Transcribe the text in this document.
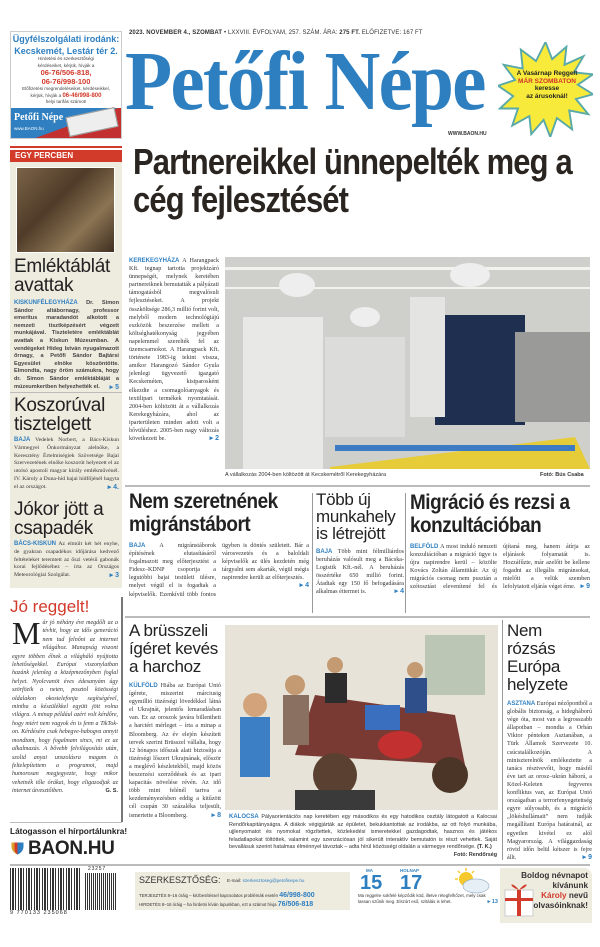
Ügyfélszolgálati irodánk:
Kecskemét, Lestár tér 2.
Hirdetési és szerkesztőségi
kérdéseiket, kérjük, hívják a
06-76/506-818,
06-76/998-100
Előfizetési megrendeléseiket, kérdéseikkel,
kérjük, hívják a 06-46/998-800
helyi tarifás számot!
Petőfi Népe
www.BAON.hu
2023. NOVEMBER 4., SZOMBAT • LXXVIII. ÉVFOLYAM, 257. SZÁM. ÁRA: 275 FT. ELŐFIZETVE: 167 FT
Petőfi Népe
WWW.BAON.HU
A Vasárnap Reggelt
MÁR SZOMBATON
keresse
az árusoknál!
EGY PERCBEN
Emléktáblát avattak
KISKUNFÉLEGYHÁZA Dr. Simon Sándor altábornagy, professor emeritus maradandót alkotott a nemzeti tisztképzésért végzett munkájával. Tiszteletére emléktáblát avattak a Kiskun Múzeumban. A vendégeket Hideg István nyugalmazott őrnagy, a Petőfi Sándor Bajtársi Egyesület elnöke köszöntötte. Elmondta, nagy öröm számukra, hogy dr. Simon Sándor emléktábláját a múzeumkertben helyezhették el. ▸ 5
Koszorúval tisztelgett
BAJA Vedelek Norbert, a Bács-Kiskun Vármegyei Önkormányzat alelnöke, a Keresztény Értelmiségiek Szövetsége Bajai Szervezetének elnöke koszorút helyezett el az utolsó apostoli magyar király emlékművénél. IV. Károly a Duna-híd bajai hídfőjénél hagyta el az országot.	▸ 4.
Jókor jött a csapadék
BÁCS-KISKUN Az elmúlt két hét enyhe, de gyakran csapadékos időjárása kedvező feltételeket teremtett az őszi vetésű gabonák korai fejlődéséhez – írta az Országos Meteorológiai Szolgálat.	▸ 3
Jó reggelt!
Már jó néhány éve megdőlt az a tévhit, hogy az idős generáció nem tud felnőni az internet világához. Manapság viszont egyre többen élnek a világháló nyújtotta lehetőségekkel. Európai viszonylatban hazánk jelenleg a középmezőnyben foglal helyet. Nyolcvanöt éves édesanyám úgy szörfözik a neten, posztol közösségi oldalakon okostelefonja segítségével, mintha a készülékkel együtt jött volna világra. A minap például azért volt kérdőre, hogy miért nem vagyok én is fenn a TikTok-on. Kérdésére csak hebegve-habogva annyit mondtam, hogy fogalmam sincs, mi ez az alkalmazás. A bővebb felvilágosítás után, szolid anyai unszolásra magam is feltelepítettem a programot, majd humorosan megjegyezte, hogy mikor vehetnék tőle órákat, hogy eligazodjak az internet útvesztőiben.	G. S.
Látogasson el hírportálunkra!
BAON.HU
Partnereikkel ünnepelték meg a cég fejlesztését
KEREKEGYHÁZA A Harangpack Kft. tegnap tartotta projektzáró ünnepségét, melynek keretében partnereiknek bemutatták a pályázati támogatásból megvalósult fejlesztéseket. A projekt összköltsége 286,3 millió forint volt, melyből modern technológiájú eszközök beszerzése mellett a költséghatékonyság jegyében napelemmel szerelték fel az üzemcsarnokot. A Harangpack Kft. története 1983-ig tekint vissza, amikor Harangozó Sándor Gyula jelenlegi ügyvezető igazgató Kecskeméten, kisiparosként elkezdte a csomagolóanyagok és textilipari termékek nyomtatását. 2004-ben költözött át a vállalkozás Kerekegyházára, ahol az iparterületen minden adott volt a bővüléshez. 2005-ben nagy változás következett be.	▸ 2
A vállalkozás 2004-ben költözött át Kecskemétről Kerekegyházára	Fotó: Bús Csaba
Nem szeretnének migránstábort
BAJA A migránstáborok építésének elutasításáról fogalmazott meg előterjesztést a Fidesz–KDNP csoportja a legutóbbi bajai testületi ülésre, melyet végül el is fogadtak a képviselők. Ezenkívül több fontos ügyben is döntés született. Bár a városvezetés és a baloldali képviselők az ülés kezdetén még tárgyalni sem akarták, végül mégis napirendre került az előterjesztés.
▸ 4
Több új munkahely is létrejött
BAJA Több mint félmilliárdos beruházás valósult meg a Bácska-Logistik Kft.-nél. A beruházás összértéke 650 millió forint. Átadtak egy 150 fő befogadására alkalmas éttermet is.	▸ 4
Migráció és rezsi a konzultációban
BELFÖLD A most induló nemzeti konzultációban a migráció ügye is újra napirendre kerül – közölte Kovács Zoltán államtitkár. Az új migrációs csomag nem pusztán a szétosztást elevenítené fel és újítaná meg, hanem átírja az eljárások folyamatát is. Hozzáfűzte, már azelőtt be kellene fogadni az illegális migránsokat, mielőtt a velük szemben lefolytatott eljárás véget érne. ▸ 9
A brüsszeli ígéret kevés a harchoz
KÜLFÖLD Hiába az Európai Unió ígérete, miszerint márciusig egymillió tüzérségi lövedékkel látná el Ukrajnát, jelentős lemaradásban van. Ez az oroszok javára billentheti a harctéri mérleget – írta a minap a Bloomberg. Az év elején készített tervek szerint Brüsszel vállalta, hogy 12 hónapos időszak alatt biztosítja a tüzérségi lőszert Ukrajnának, először a meglévő készletekből, majd közös beszerzési szerződések és az ipari kapacitás növelése révén. Az idő több mint felénél tartva a kezdeményezésben eddig a kitűzött cél csupán 30 százaléka teljesült, ismertette a Bloomberg.	▸ 8 KALOCSA Pályaorientációs nap keretében egy másodikos és egy hatodikos osztály látogatott a Kalocsai Rendőrkapitányságra. A diákok végigjárták az épületet, bekukkantottak az irodákba, az ott folyó munkába, ujjlenyomatot és nyomokat rögzítettek, közlekedési ismeretekkel gazdagodtak, hasznos és játékos feladatlapokat töltöttek, valamint egy szenzációsan jól sikerült interaktív bemutatón is részt vehettek. Saját bevallásuk szerint hatalmas élménnyel távoztak – adta hírül közösségi oldalán a vármegye rendőrsége. (T. K.)
Fotó: Rendőrség
Nem rózsás Európa helyzete
ASZTANA Európai nézőpontból a globális biztonság, a hidegháború vége óta, most van a legrosszabb állapotban – mondta a Orbán Viktor pénteken Asztanában, a Türk Államok Szervezete 10. csúcstalálkozóján. A miniszterelnök emlékeztette a tanács résztvevőit, hogy másfél éve tart az orosz–ukrán háború, a Közel-Keleten fegyveres konfliktus van, az Európai Unió országaiban a terrorfenyegetettség egyre súlyosabb, és a migráció „lökéshullámait” nem tudják megállítani Európa határainál, az egyetlen kivétel ez alól Magyarország. A világgazdaság rövid időn belül kétszer is fejre állt.	▸ 9
9 770133 235068
23257
SZERKESZTŐSÉG: E-mail: szerkesztoseg@petofinepe.hu
TERJESZTÉS 8–16 óráig – kézbesítéssel kapcsolatos problémák esetén 46/998-800
HIRDETÉS 8–16 óráig – ha hirdetni kíván lapunkban, ezt a számot hívja 76/506-818
MA
15
HOLNAP
17
Ma reggelre sokfelé képződik köd, illetve rétegfelhőzet, mely csak lassan szűnik meg. Elszórt eső, szitálás is lehet.	▸ 13
Boldog névnapot
kívánunk
Károly nevű
olvasóinknak!
